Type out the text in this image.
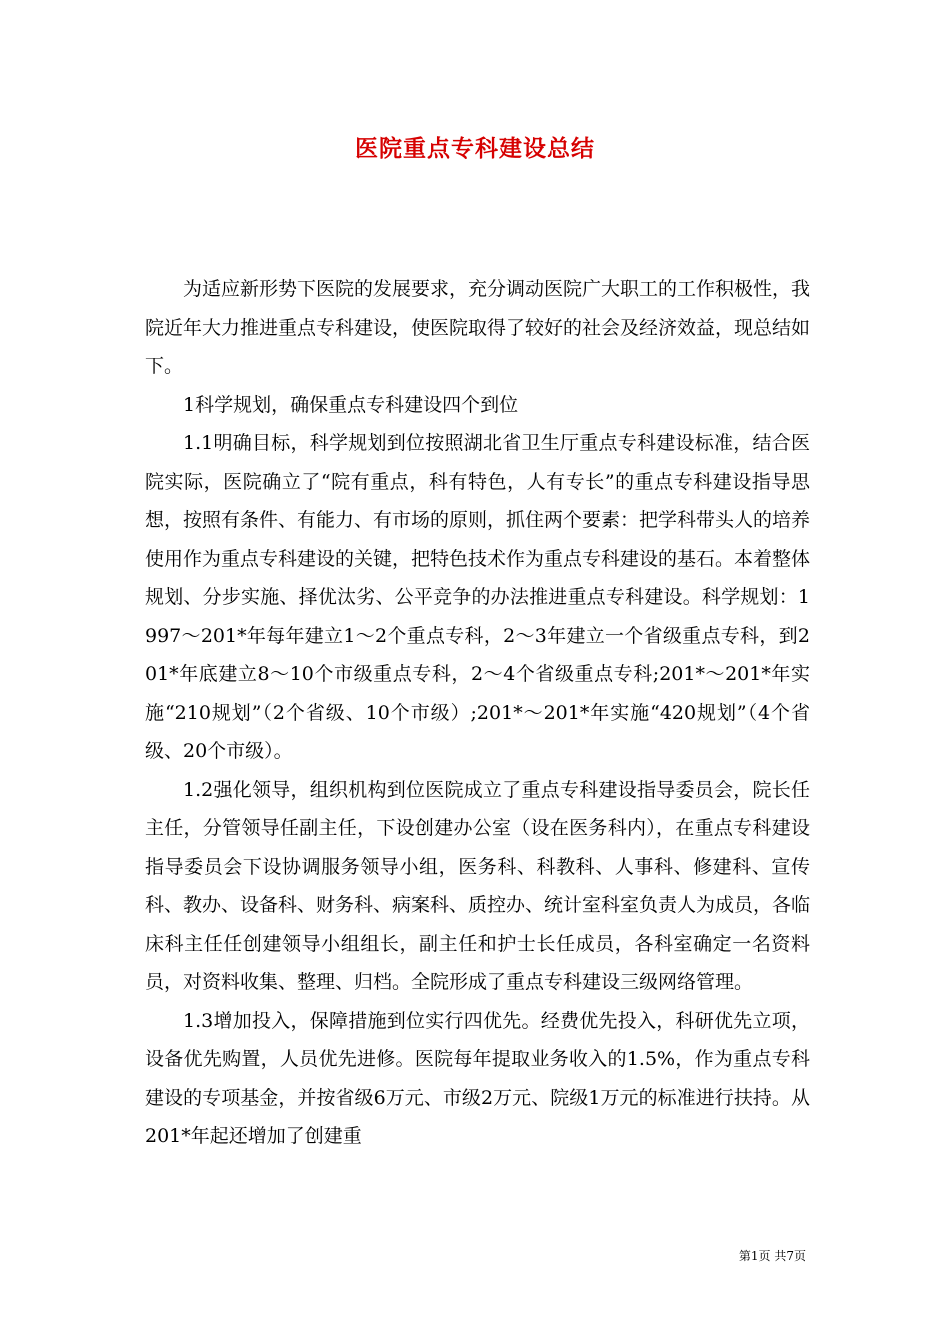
医院重点专科建设总结

为适应新形势下医院的发展要求，充分调动医院广大职工的工作积极性，我院近年大力推进重点专科建设，使医院取得了较好的社会及经济效益，现总结如下。

1科学规划，确保重点专科建设四个到位

1.1明确目标，科学规划到位按照湖北省卫生厅重点专科建设标准，结合医院实际，医院确立了“院有重点，科有特色，人有专长”的重点专科建设指导思想，按照有条件、有能力、有市场的原则，抓住两个要素：把学科带头人的培养使用作为重点专科建设的关键，把特色技术作为重点专科建设的基石。本着整体规划、分步实施、择优汰劣、公平竞争的办法推进重点专科建设。科学规划：1997～201*年每年建立1～2个重点专科，2～3年建立一个省级重点专科，到201*年底建立8～10个市级重点专科，2～4个省级重点专科;201*～201*年实施“210规划”（2个省级、10个市级）;201*～201*年实施“420规划”（4个省级、20个市级）。

1.2强化领导，组织机构到位医院成立了重点专科建设指导委员会，院长任主任，分管领导任副主任，下设创建办公室（设在医务科内），在重点专科建设指导委员会下设协调服务领导小组，医务科、科教科、人事科、修建科、宣传科、教办、设备科、财务科、病案科、质控办、统计室科室负责人为成员，各临床科主任任创建领导小组组长，副主任和护士长任成员，各科室确定一名资料员，对资料收集、整理、归档。全院形成了重点专科建设三级网络管理。

1.3增加投入，保障措施到位实行四优先。经费优先投入，科研优先立项，设备优先购置，人员优先进修。医院每年提取业务收入的1.5%，作为重点专科建设的专项基金，并按省级6万元、市级2万元、院级1万元的标准进行扶持。从201*年起还增加了创建重

第1页 共7页
